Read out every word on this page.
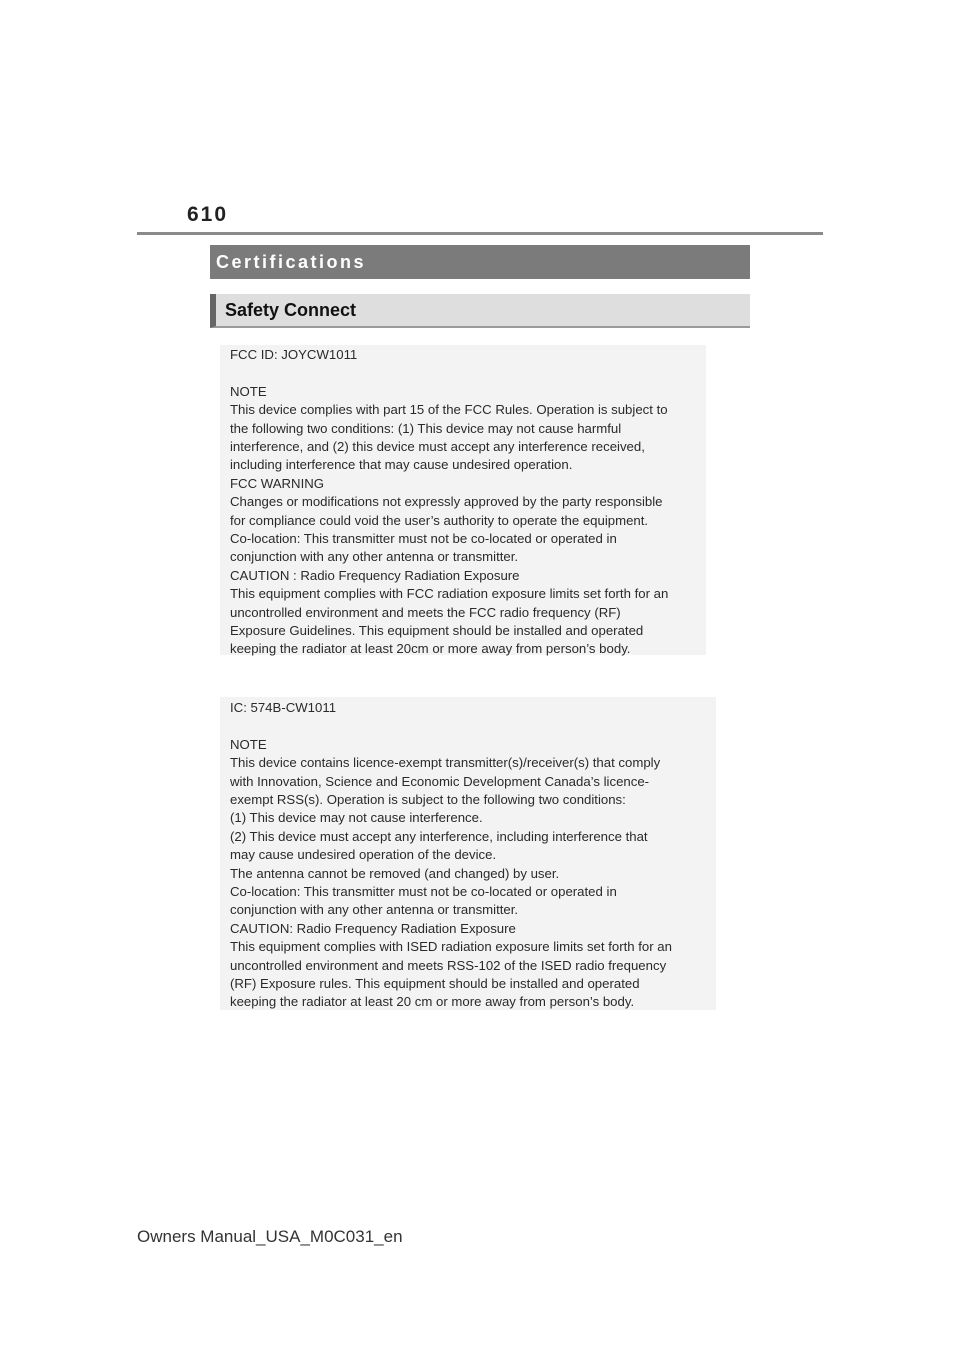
610
Certifications
Safety Connect
FCC ID: JOYCW1011
NOTE
This device complies with part 15 of the FCC Rules. Operation is subject to
the following two conditions: (1) This device may not cause harmful
interference, and (2) this device must accept any interference received,
including interference that may cause undesired operation.
FCC WARNING
Changes or modifications not expressly approved by the party responsible
for compliance could void the user’s authority to operate the equipment.
Co-location: This transmitter must not be co-located or operated in
conjunction with any other antenna or transmitter.
CAUTION : Radio Frequency Radiation Exposure
This equipment complies with FCC radiation exposure limits set forth for an
uncontrolled environment and meets the FCC radio frequency (RF)
Exposure Guidelines. This equipment should be installed and operated
keeping the radiator at least 20cm or more away from person’s body.
IC: 574B-CW1011
NOTE
This device contains licence-exempt transmitter(s)/receiver(s) that comply
with Innovation, Science and Economic Development Canada’s licence-
exempt RSS(s). Operation is subject to the following two conditions:
(1) This device may not cause interference.
(2) This device must accept any interference, including interference that
may cause undesired operation of the device.
The antenna cannot be removed (and changed) by user.
Co-location: This transmitter must not be co-located or operated in
conjunction with any other antenna or transmitter.
CAUTION: Radio Frequency Radiation Exposure
This equipment complies with ISED radiation exposure limits set forth for an
uncontrolled environment and meets RSS-102 of the ISED radio frequency
(RF) Exposure rules. This equipment should be installed and operated
keeping the radiator at least 20 cm or more away from person’s body.
Owners Manual_USA_M0C031_en
